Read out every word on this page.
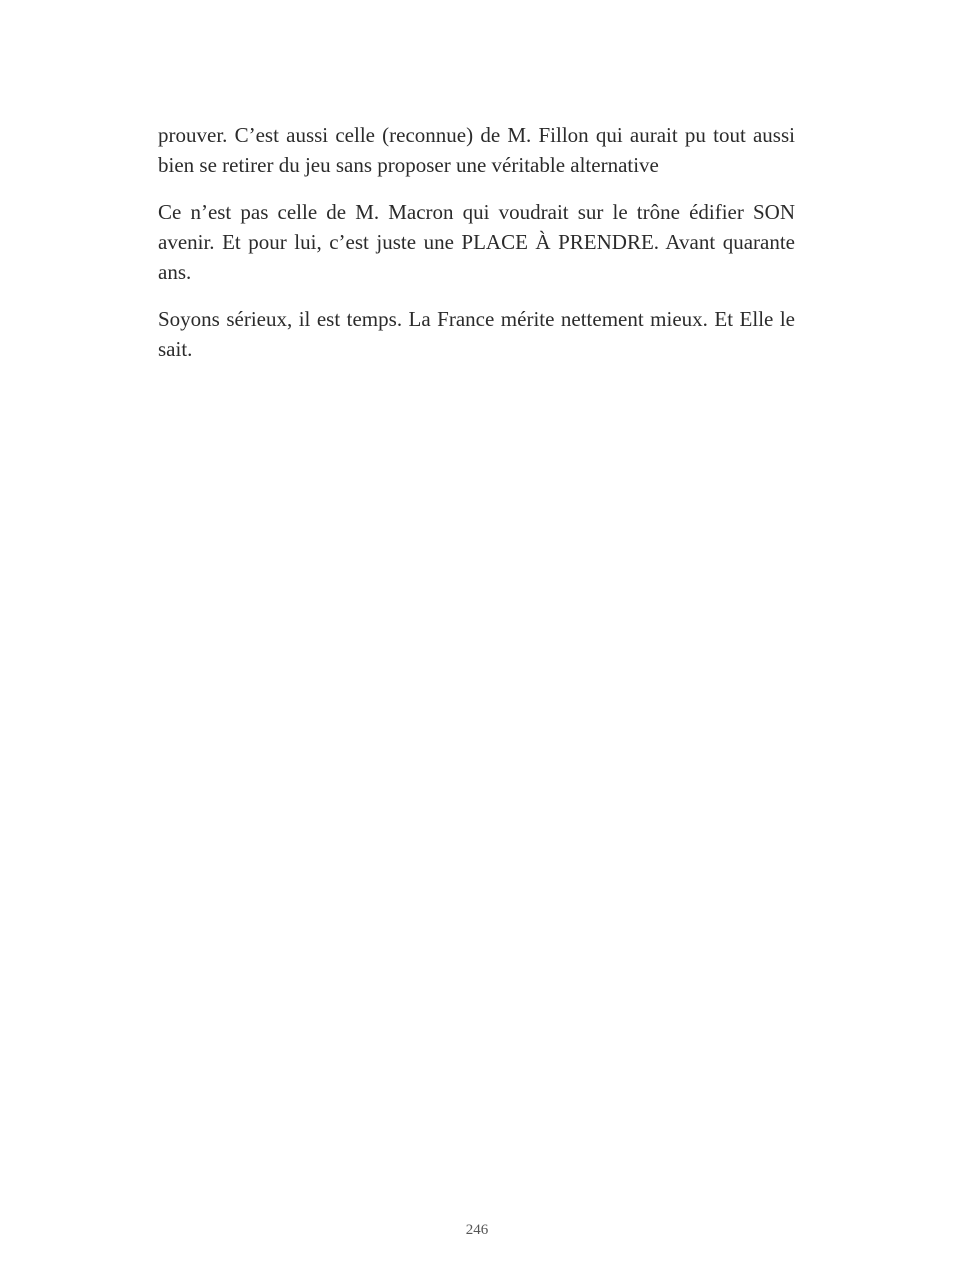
prouver. C’est aussi celle (reconnue) de M. Fillon qui aurait pu tout aussi bien se retirer du jeu sans proposer une véritable alternative

Ce n’est pas celle de M. Macron qui voudrait sur le trône édifier SON avenir. Et pour lui, c’est juste une PLACE À PRENDRE. Avant quarante ans.

Soyons sérieux, il est temps. La France mérite nettement mieux. Et Elle le sait.

246
